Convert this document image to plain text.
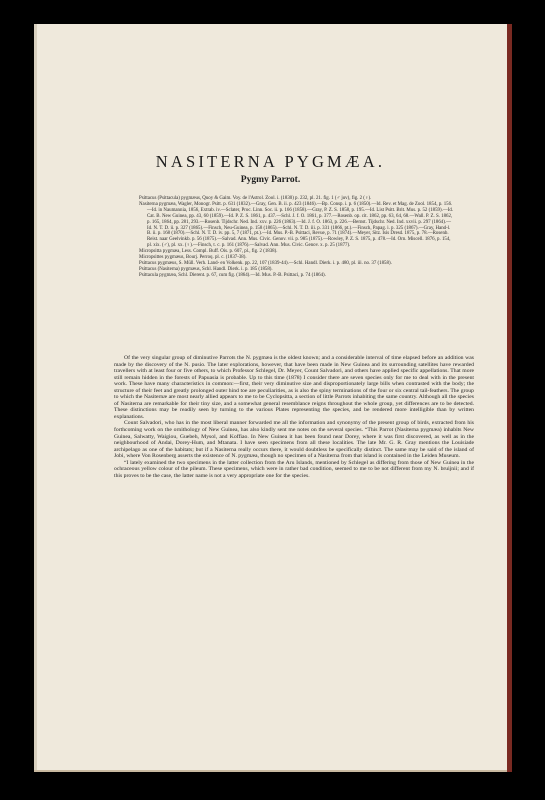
NASITERNA PYGMÆA.
Pygmy Parrot.

Psittacus (Psittacula) pygmæus, Quoy & Gaim. Voy. de l'Astrol. Zool. i. (1830) p. 232, pl. 21. fig. 1 (♂ juv), fig. 2 (♀).

Nasiterna pygmæa, Wagler, Monogr. Psitt. p. 631 (1832).—Gray, Gen. B. ii. p. 423 (1846).—Bp. Consp. i. p. 6 (1850).—Id. Rev. et Mag. de Zool. 1854, p. 156.—Id. in Naumannia, 1856, Extrab. iv.—Sclater, Proc. Linn. Soc. ii. p. 166 (1858).—Gray, P. Z. S. 1858, p. 195.—Id. List Psitt. Brit. Mus. p. 52 (1859).—Id. Cat. B. New Guinea, pp. 43, 60 (1859).—Id. P. Z. S. 1861, p. 437.—Schl. J. f. O. 1861, p. 377.—Rosenb. op. cit. 1862, pp. 63, 64, 68.—Wall. P. Z. S. 1862, p. 165, 1864, pp. 281, 293.—Rosenb. Tijdschr. Ned. Ind. xxv. p. 226 (1863).—Id. J. f. O. 1863, p. 226.—Bernst. Tijdschr. Ned. Ind. xxvii. p. 297 (1864).—Id. N. T. D. ii. p. 327 (1865).—Finsch, Neu-Guinea, p. 158 (1865).—Schl. N. T. D. iii. p. 331 (1866, pt.).—Finsch, Papag. i. p. 325 (1867).—Gray, Hand-l. B. ii. p. 168 (1870).—Schl. N. T. D. iv. pp. 5, 7 (1871, pt.).—Id. Mus. P.-B. Psittaci, Revue, p. 71 (1874).—Meyer, Sitz. Isis Dresd. 1875, p. 78.—Rosenb. Reist. naar Geelvinkb. p. 56 (1875).—Salvad. Ann. Mus. Civic. Genov. vii. p. 985 (1875).—Rowley, P. Z. S. 1875, p. 478.—Id. Orn. Miscell. 1876, p. 154, pl. xix. (♂), pl. xx. (♀).—Finsch, t. c. p. 161 (1876).—Salvad. Ann. Mus. Civic. Genov. x. p. 25 (1877).

Micropsitta pygmæa, Less. Compl. Buff. Ois. p. 607, pl., fig. 2 (1838).

Micropsittes pygmæus, Bourj. Perroq. pl. c. (1837-38).

Psittacus pygmæus, S. Müll. Verh. Land- en Volkenk. pp. 22, 107 (1839-44).—Schl. Handl. Dierk. i. p. 480, pl. iii. no. 37 (1858).

Psittacus (Nasiterna) pygmæus, Schl. Handl. Dierk. i. p. 185 (1858).

Psittacula pygmæa, Schl. Dierent. p. 67, cum fig. (1864).—Id. Mus. P.-B. Psittaci, p. 74 (1864).

Of the very singular group of diminutive Parrots the N. pygmæa is the oldest known; and a considerable interval of time elapsed before an addition was made by the discovery of the N. pusio. The later explorations, however, that have been made in New Guinea and its surrounding satellites have rewarded travellers with at least four or five others, to which Professor Schlegel, Dr. Meyer, Count Salvadori, and others have applied specific appellations. That more still remain hidden in the forests of Papuasia is probable. Up to this time (1878) I consider there are seven species only for me to deal with in the present work. These have many characteristics in common:—first, their very diminutive size and disproportionately large bills when contrasted with the body; the structure of their feet and greatly prolonged outer hind toe are peculiarities, as is also the spiny terminations of the four or six central tail-feathers. The group to which the Nasiternæ are most nearly allied appears to me to be Cyclopsitta, a section of little Parrots inhabiting the same country. Although all the species of Nasiterna are remarkable for their tiny size, and a somewhat general resemblance reigns throughout the whole group, yet differences are to be detected. These distinctions may be readily seen by turning to the various Plates representing the species, and be rendered more intelligible than by written explanations.

Count Salvadori, who has in the most liberal manner forwarded me all the information and synonymy of the present group of birds, extracted from his forthcoming work on the ornithology of New Guinea, has also kindly sent me notes on the several species. “This Parrot (Nasiterna pygmæa) inhabits New Guinea, Salwatty, Waigiou, Guebeh, Mysol, and Koffiao. In New Guinea it has been found near Dorey, where it was first discovered, as well as in the neighbourhood of Andai, Dorey-Hum, and Mtanata. I have seen specimens from all these localities. The late Mr. G. R. Gray mentions the Louisiade archipelago as one of the habitats; but if a Nasiterna really occurs there, it would doubtless be specifically distinct. The same may be said of the island of Jobi, where Von Rosenberg asserts the existence of N. pygmæa, though no specimen of a Nasiterna from that island is contained in the Leiden Museum.

“I lately examined the two specimens in the latter collection from the Aru Islands, mentioned by Schlegel as differing from those of New Guinea in the ochraceous yellow colour of the pileum. These specimens, which were in rather bad condition, seemed to me to be not different from my N. bruijnii; and if this proves to be the case, the latter name is not a very appropriate one for the species.
